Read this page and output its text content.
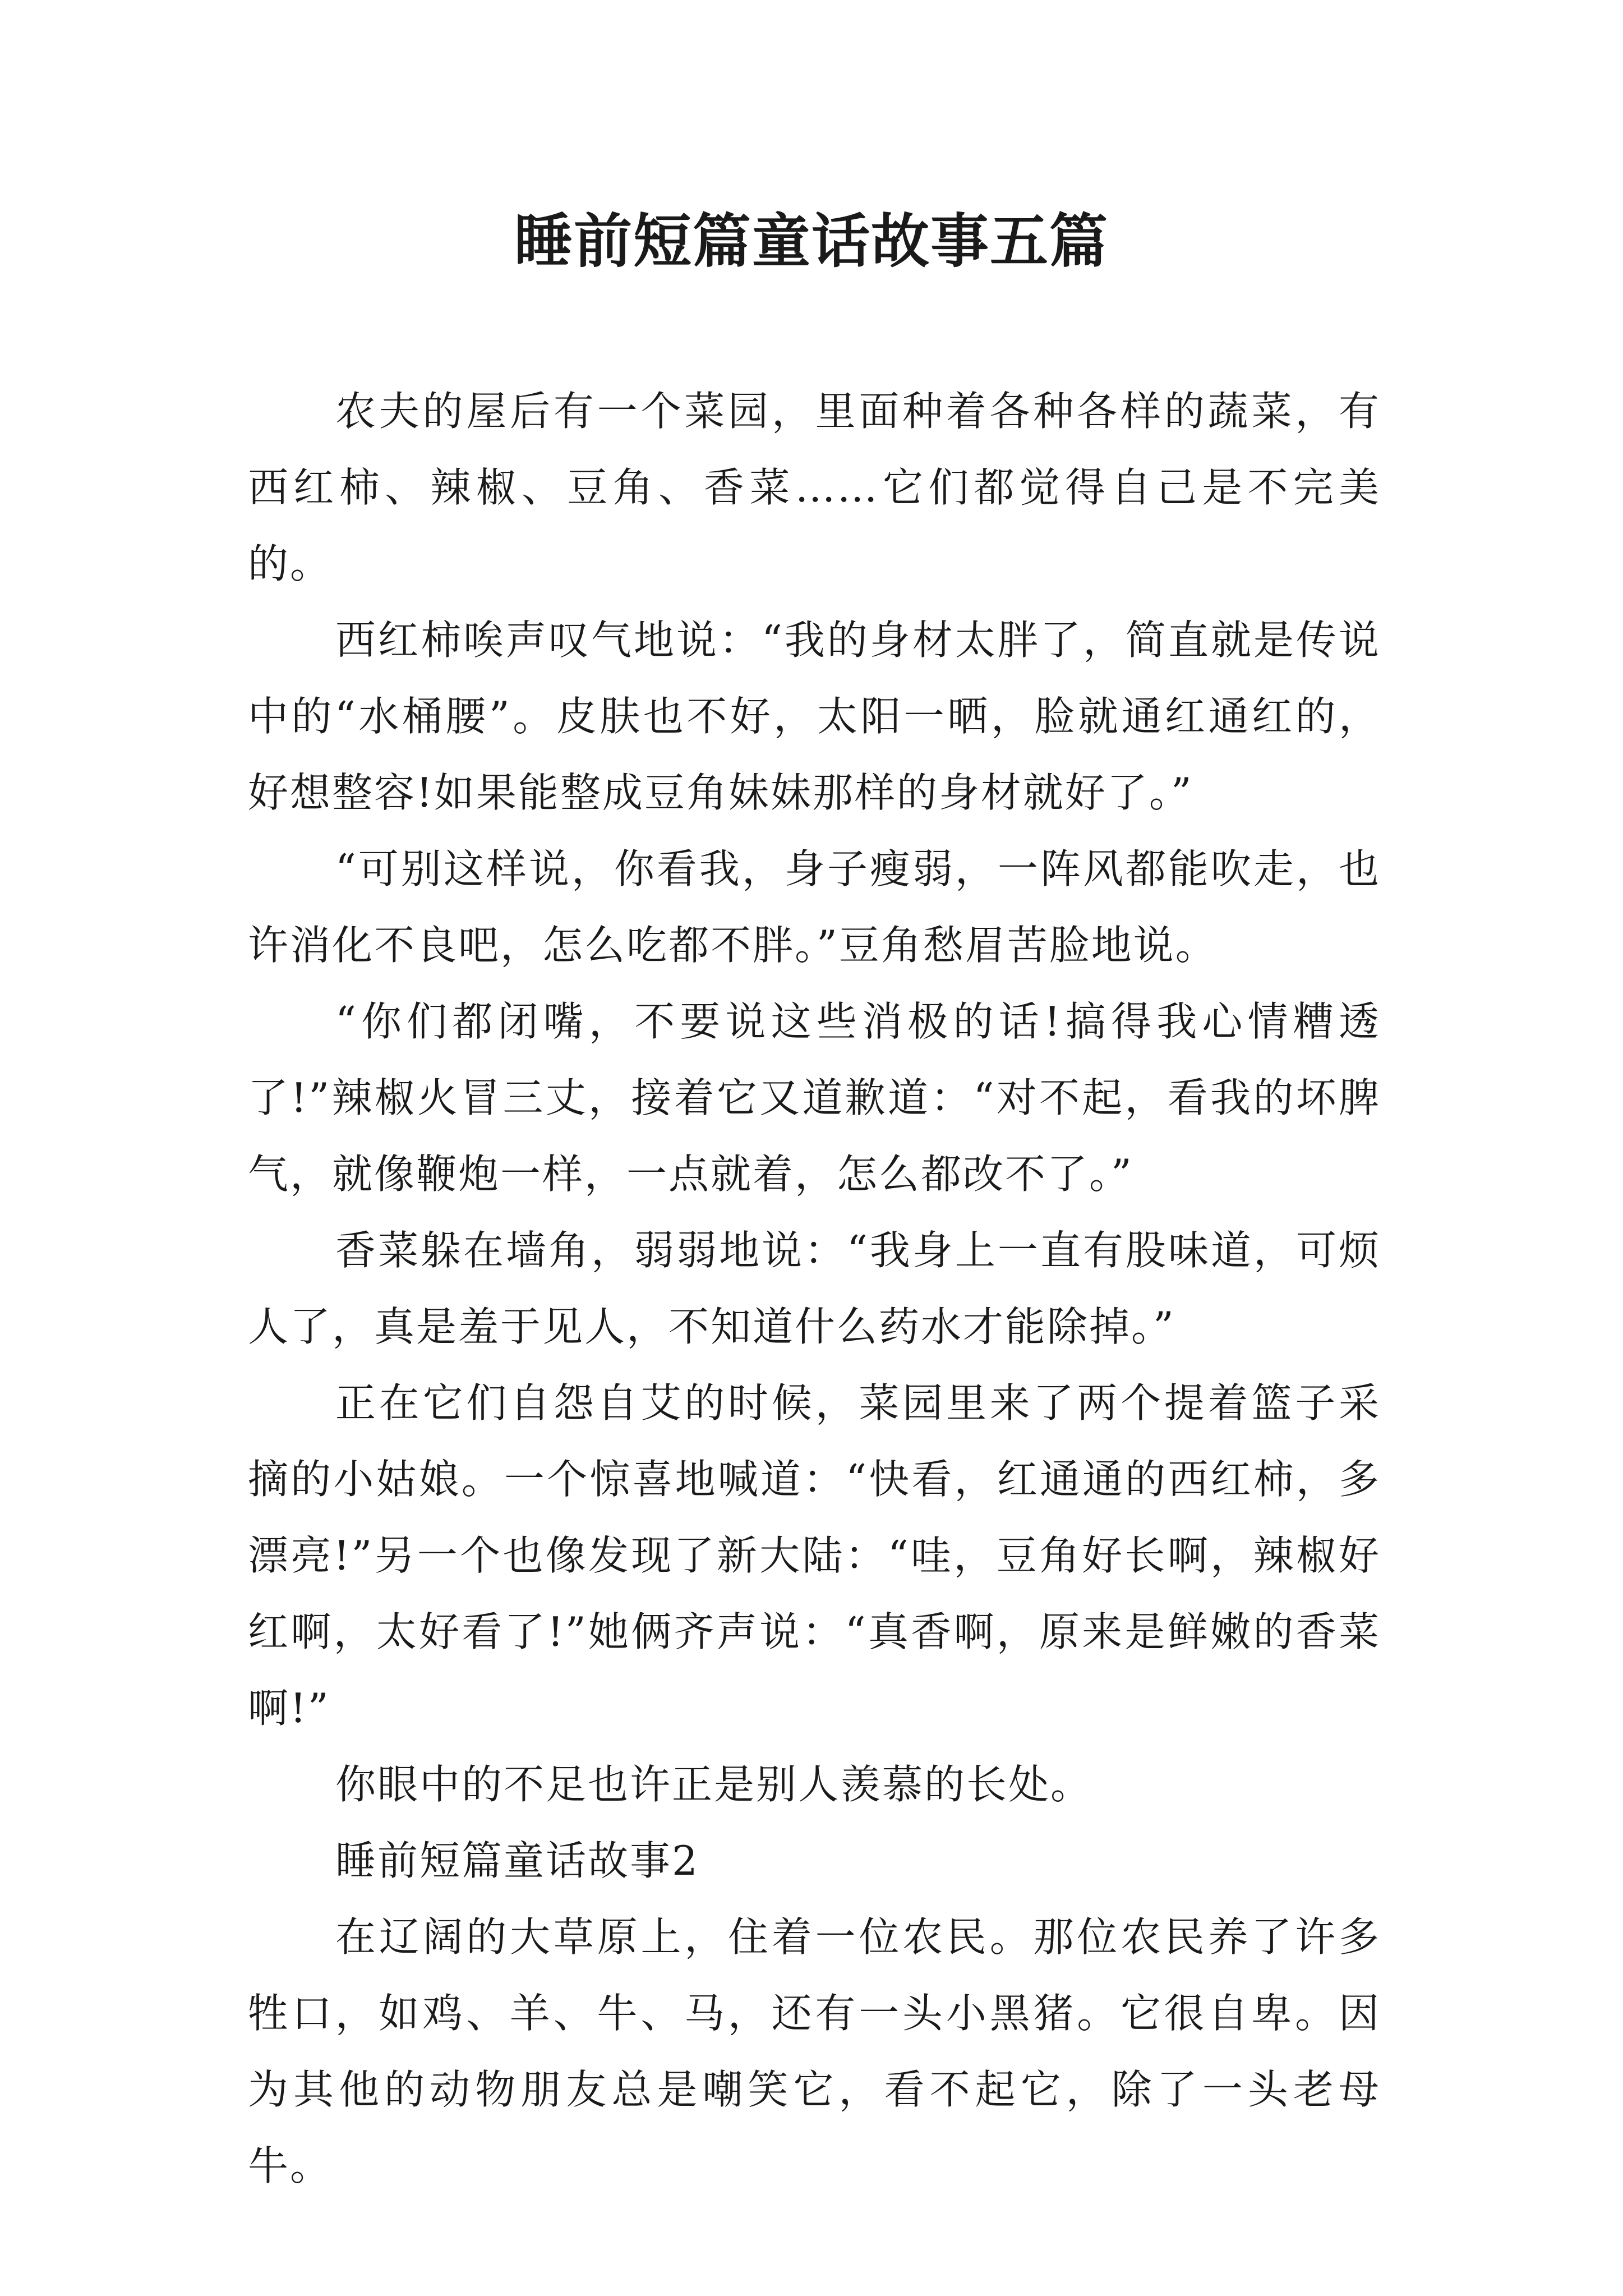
睡前短篇童话故事五篇

农夫的屋后有一个菜园，里面种着各种各样的蔬菜，有西红柿、辣椒、豆角、香菜……它们都觉得自己是不完美的。

西红柿唉声叹气地说：“我的身材太胖了，简直就是传说中的“水桶腰”。皮肤也不好，太阳一晒，脸就通红通红的，好想整容!如果能整成豆角妹妹那样的身材就好了。”

“可别这样说，你看我，身子瘦弱，一阵风都能吹走，也许消化不良吧，怎么吃都不胖。”豆角愁眉苦脸地说。

“你们都闭嘴，不要说这些消极的话!搞得我心情糟透了!”辣椒火冒三丈，接着它又道歉道：“对不起，看我的坏脾气，就像鞭炮一样，一点就着，怎么都改不了。”

香菜躲在墙角，弱弱地说：“我身上一直有股味道，可烦人了，真是羞于见人，不知道什么药水才能除掉。”

正在它们自怨自艾的时候，菜园里来了两个提着篮子采摘的小姑娘。一个惊喜地喊道：“快看，红通通的西红柿，多漂亮!”另一个也像发现了新大陆：“哇，豆角好长啊，辣椒好红啊，太好看了!”她俩齐声说：“真香啊，原来是鲜嫩的香菜啊!”

你眼中的不足也许正是别人羡慕的长处。

睡前短篇童话故事2

在辽阔的大草原上，住着一位农民。那位农民养了许多牲口，如鸡、羊、牛、马，还有一头小黑猪。它很自卑。因为其他的动物朋友总是嘲笑它，看不起它，除了一头老母牛。
